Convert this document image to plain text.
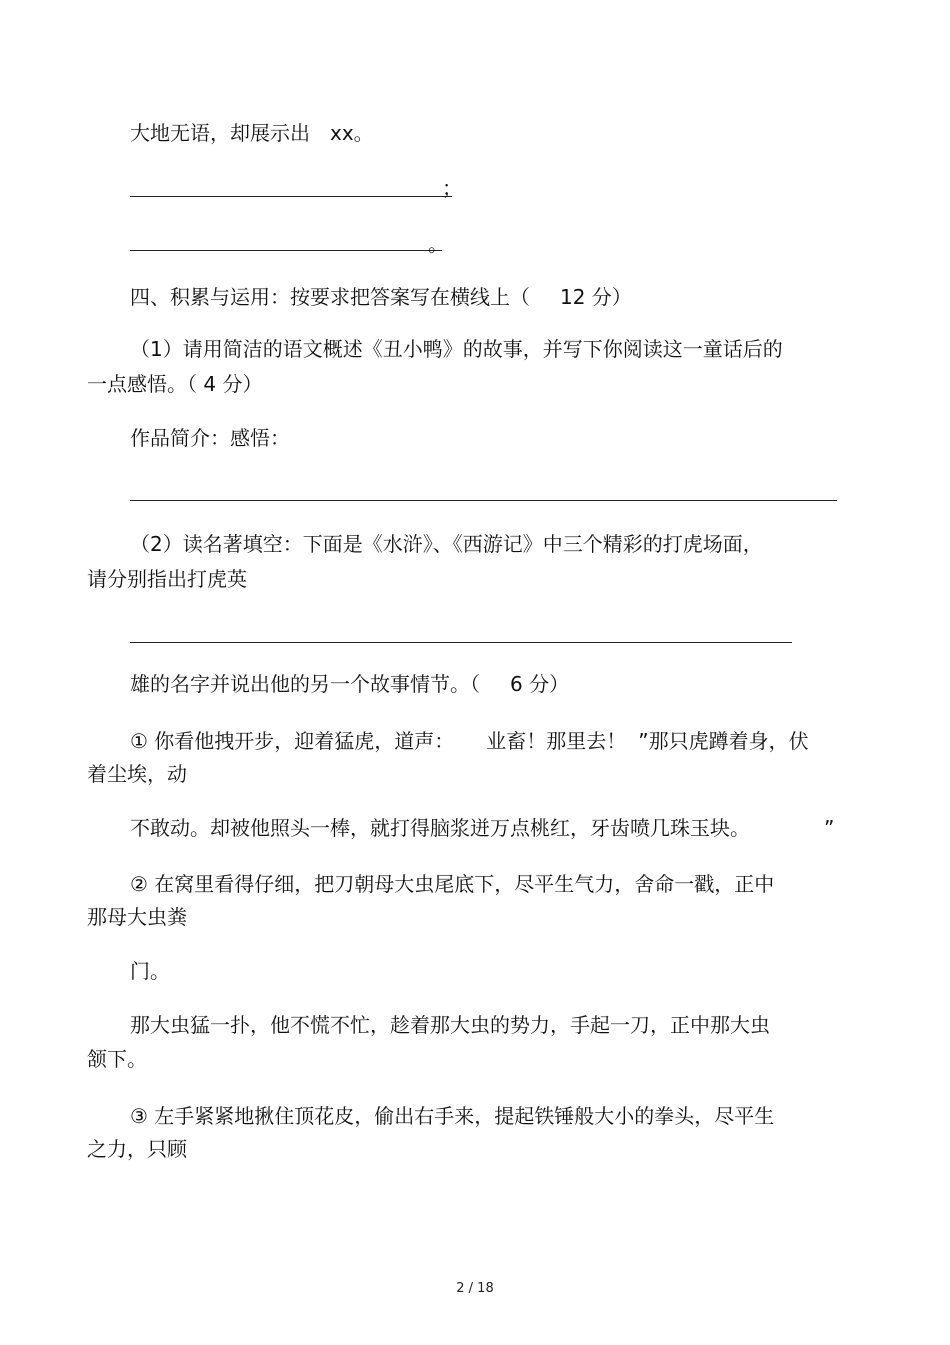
大地无语，却展示出 xx。
；
。
四、积累与运用：按要求把答案写在横线上（ 12 分）
（1）请用简洁的语文概述《丑小鸭》的故事，并写下你阅读这一童话后的
一点感悟。（ 4 分）
作品简介：感悟：
（2）读名著填空：下面是《水浒》、《西游记》中三个精彩的打虎场面，
请分别指出打虎英
雄的名字并说出他的另一个故事情节。（ 6 分）
① 你看他拽开步，迎着猛虎，道声： 业畜！那里去！ ”那只虎蹲着身，伏
着尘埃，动
不敢动。却被他照头一棒，就打得脑浆迸万点桃红，牙齿喷几珠玉块。	”
② 在窝里看得仔细，把刀朝母大虫尾底下，尽平生气力，舍命一戳，正中
那母大虫粪
门。
那大虫猛一扑，他不慌不忙，趁着那大虫的势力，手起一刀，正中那大虫
颔下。
③ 左手紧紧地揪住顶花皮，偷出右手来，提起铁锤般大小的拳头，尽平生
之力，只顾
2 / 18
